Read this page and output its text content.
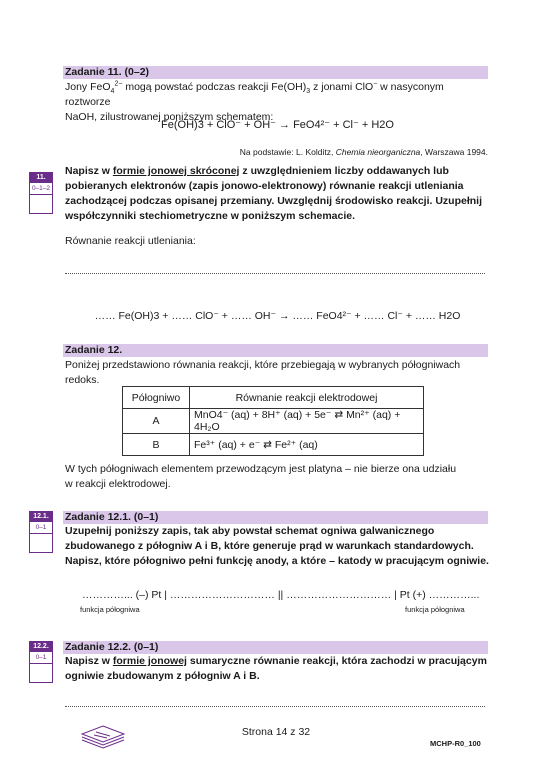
Zadanie 11. (0–2)
Jony FeO$_4^{2-}$ mogą powstać podczas reakcji $Fe(OH)_3$ z jonami ClO− w nasyconym roztworze
NaOH, zilustrowanej poniższym schematem:
Fe(OH)3 + ClO⁻ + OH⁻ → FeO4²⁻ + Cl⁻ + H2O
Na podstawie: L. Kolditz, Chemia nieorganiczna, Warszawa 1994.
11.
0–1–2
Napisz w formie jonowej skróconej z uwzględnieniem liczby oddawanych lub pobieranych elektronów (zapis jonowo-elektronowy) równanie reakcji utleniania zachodzącej podczas opisanej przemiany. Uwzględnij środowisko reakcji. Uzupełnij współczynniki stechiometryczne w poniższym schemacie.
Równanie reakcji utleniania:
…… Fe(OH)3 + …… ClO⁻ + …… OH⁻ → …… FeO4²⁻ + …… Cl⁻ + …… H2O
Zadanie 12.
Poniżej przedstawiono równania reakcji, które przebiegają w wybranych półogniwach redoks.
Półogniwo	Równanie reakcji elektrodowej
A	MnO4⁻ (aq) + 8H⁺ (aq) + 5e⁻ ⇄ Mn²⁺ (aq) + 4H₂O
B	Fe³⁺ (aq) + e⁻ ⇄ Fe²⁺ (aq)
W tych półogniwach elementem przewodzącym jest platyna – nie bierze ona udziału
w reakcji elektrodowej.
12.1.
0–1
Zadanie 12.1. (0–1)
Uzupełnij poniższy zapis, tak aby powstał schemat ogniwa galwanicznego zbudowanego z półogniw A i B, które generuje prąd w warunkach standardowych. Napisz, które półogniwo pełni funkcję anody, a które – katody w pracującym ogniwie.
…………... (–) Pt | ………………………… || ………………………… | Pt (+) …………...
funkcja półogniwa	funkcja półogniwa
12.2.
0–1
Zadanie 12.2. (0–1)
Napisz w formie jonowej sumaryczne równanie reakcji, która zachodzi w pracującym ogniwie zbudowanym z półogniw A i B.
Strona 14 z 32
MCHP-R0_100
